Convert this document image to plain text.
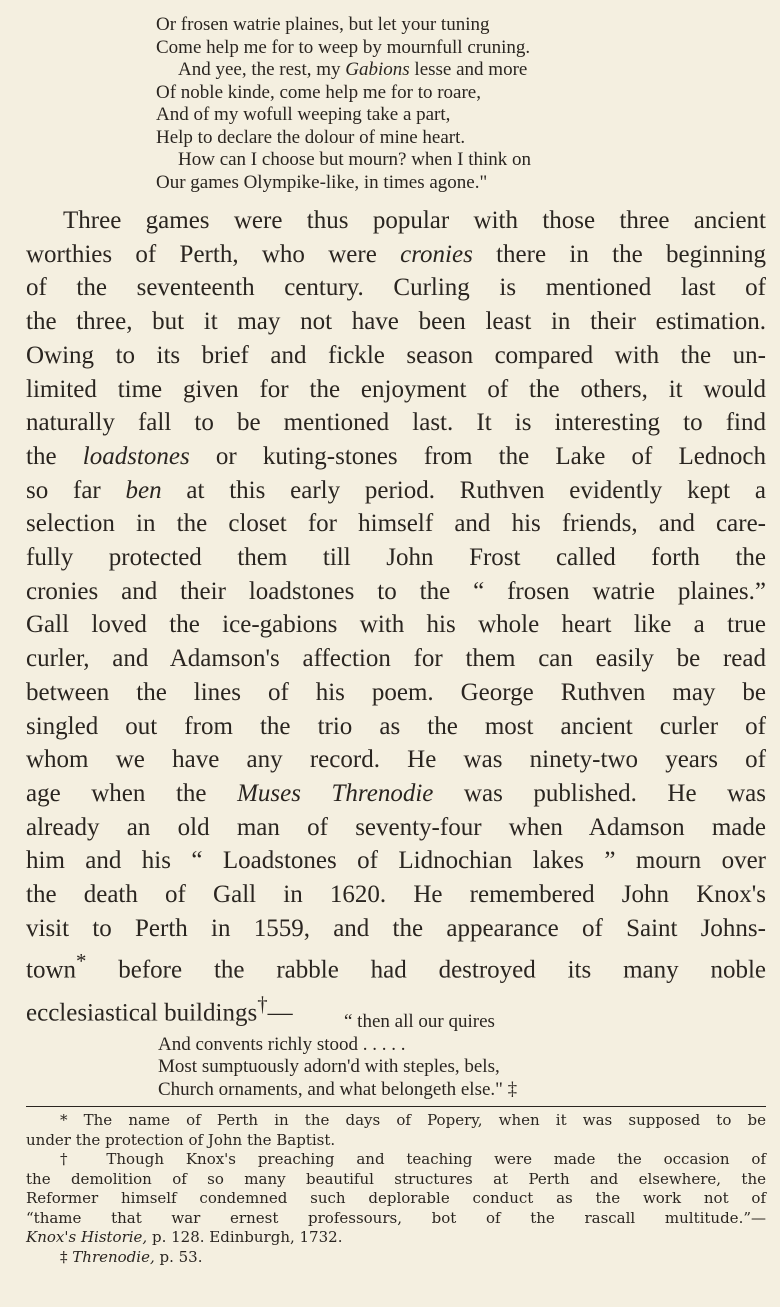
Or frosen watrie plaines, but let your tuning
Come help me for to weep by mournfull cruning.
And yee, the rest, my Gabions lesse and more
Of noble kinde, come help me for to roare,
And of my wofull weeping take a part,
Help to declare the dolour of mine heart.
How can I choose but mourn? when I think on
Our games Olympike-like, in times agone."
Three games were thus popular with those three ancient
worthies of Perth, who were cronies there in the beginning
of the seventeenth century. Curling is mentioned last of
the three, but it may not have been least in their estimation.
Owing to its brief and fickle season compared with the un-
limited time given for the enjoyment of the others, it would
naturally fall to be mentioned last. It is interesting to find
the loadstones or kuting-stones from the Lake of Lednoch
so far ben at this early period. Ruthven evidently kept a
selection in the closet for himself and his friends, and care-
fully protected them till John Frost called forth the
cronies and their loadstones to the “ frosen watrie plaines.”
Gall loved the ice-gabions with his whole heart like a true
curler, and Adamson's affection for them can easily be read
between the lines of his poem. George Ruthven may be
singled out from the trio as the most ancient curler of
whom we have any record. He was ninety-two years of
age when the Muses Threnodie was published. He was
already an old man of seventy-four when Adamson made
him and his “ Loadstones of Lidnochian lakes ” mourn over
the death of Gall in 1620. He remembered John Knox's
visit to Perth in 1559, and the appearance of Saint Johns-
town* before the rabble had destroyed its many noble
ecclesiastical buildings†—	“ then all our quires
And convents richly stood . . . . .
Most sumptuously adorn'd with steples, bels,
Church ornaments, and what belongeth else." ‡
* The name of Perth in the days of Popery, when it was supposed to be
under the protection of John the Baptist.
† Though Knox's preaching and teaching were made the occasion of
the demolition of so many beautiful structures at Perth and elsewhere, the
Reformer himself condemned such deplorable conduct as the work not of
“thame that war ernest professours, bot of the rascall multitude.”—
Knox's Historie, p. 128. Edinburgh, 1732.
‡ Threnodie, p. 53.
